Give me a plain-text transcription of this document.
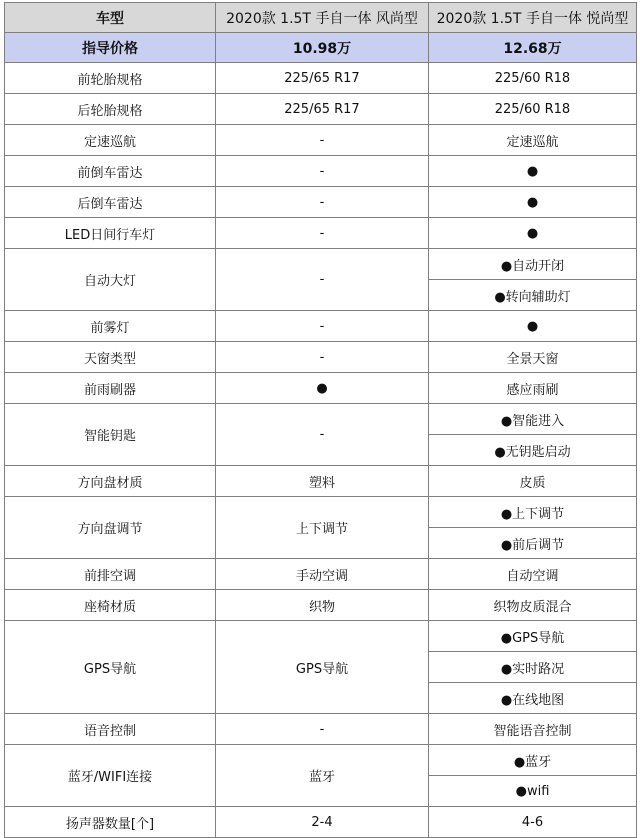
车型	2020款 1.5T 手自一体 风尚型	2020款 1.5T 手自一体 悦尚型
指导价格	10.98万	12.68万
前轮胎规格	225/65 R17	225/60 R18
后轮胎规格	225/65 R17	225/60 R18
定速巡航	-	定速巡航
前倒车雷达	-	●
后倒车雷达	-	●
LED日间行车灯	-	●
自动大灯	-	●自动开闭
		●转向辅助灯
前雾灯	-	●
天窗类型	-	全景天窗
前雨刷器	●	感应雨刷
智能钥匙	-	●智能进入
		●无钥匙启动
方向盘材质	塑料	皮质
方向盘调节	上下调节	●上下调节
		●前后调节
前排空调	手动空调	自动空调
座椅材质	织物	织物皮质混合
GPS导航	GPS导航	●GPS导航
		●实时路况
		●在线地图
语音控制	-	智能语音控制
蓝牙/WIFI连接	蓝牙	●蓝牙
		●wifi
扬声器数量[个]	2-4	4-6
